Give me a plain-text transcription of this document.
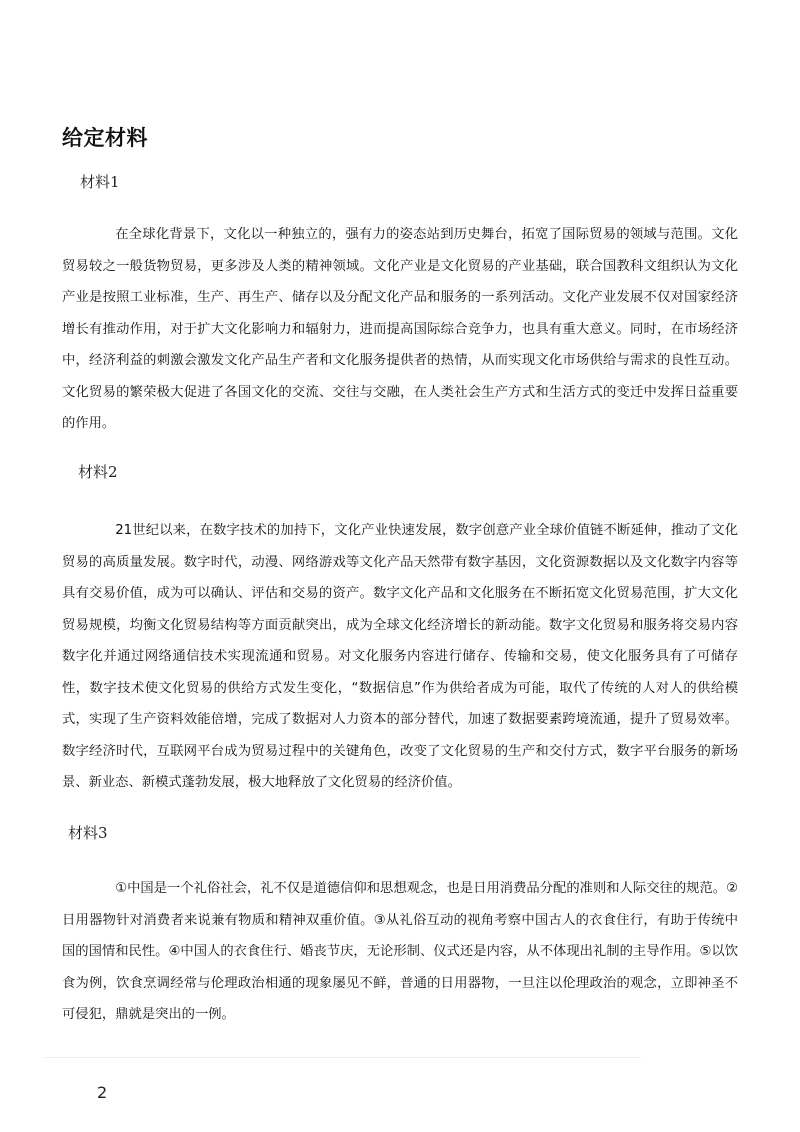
给定材料
材料1

在全球化背景下，文化以一种独立的，强有力的姿态站到历史舞台，拓宽了国际贸易的领域与范围。文化贸易较之一般货物贸易，更多涉及人类的精神领域。文化产业是文化贸易的产业基础，联合国教科文组织认为文化产业是按照工业标准，生产、再生产、储存以及分配文化产品和服务的一系列活动。文化产业发展不仅对国家经济增长有推动作用，对于扩大文化影响力和辐射力，进而提高国际综合竞争力，也具有重大意义。同时，在市场经济中，经济利益的刺激会激发文化产品生产者和文化服务提供者的热情，从而实现文化市场供给与需求的良性互动。文化贸易的繁荣极大促进了各国文化的交流、交往与交融，在人类社会生产方式和生活方式的变迁中发挥日益重要的作用。

材料2

21世纪以来，在数字技术的加持下，文化产业快速发展，数字创意产业全球价值链不断延伸，推动了文化贸易的高质量发展。数字时代，动漫、网络游戏等文化产品天然带有数字基因，文化资源数据以及文化数字内容等具有交易价值，成为可以确认、评估和交易的资产。数字文化产品和文化服务在不断拓宽文化贸易范围，扩大文化贸易规模，均衡文化贸易结构等方面贡献突出，成为全球文化经济增长的新动能。数字文化贸易和服务将交易内容数字化并通过网络通信技术实现流通和贸易。对文化服务内容进行储存、传输和交易，使文化服务具有了可储存性，数字技术使文化贸易的供给方式发生变化，“数据信息”作为供给者成为可能，取代了传统的人对人的供给模式，实现了生产资料效能倍增，完成了数据对人力资本的部分替代，加速了数据要素跨境流通，提升了贸易效率。数字经济时代，互联网平台成为贸易过程中的关键角色，改变了文化贸易的生产和交付方式，数字平台服务的新场景、新业态、新模式蓬勃发展，极大地释放了文化贸易的经济价值。

材料3

①中国是一个礼俗社会，礼不仅是道德信仰和思想观念，也是日用消费品分配的准则和人际交往的规范。②日用器物针对消费者来说兼有物质和精神双重价值。③从礼俗互动的视角考察中国古人的衣食住行，有助于传统中国的国情和民性。④中国人的衣食住行、婚丧节庆，无论形制、仪式还是内容，从不体现出礼制的主导作用。⑤以饮食为例，饮食烹调经常与伦理政治相通的现象屡见不鲜，普通的日用器物，一旦注以伦理政治的观念，立即神圣不可侵犯，鼎就是突出的一例。

2
